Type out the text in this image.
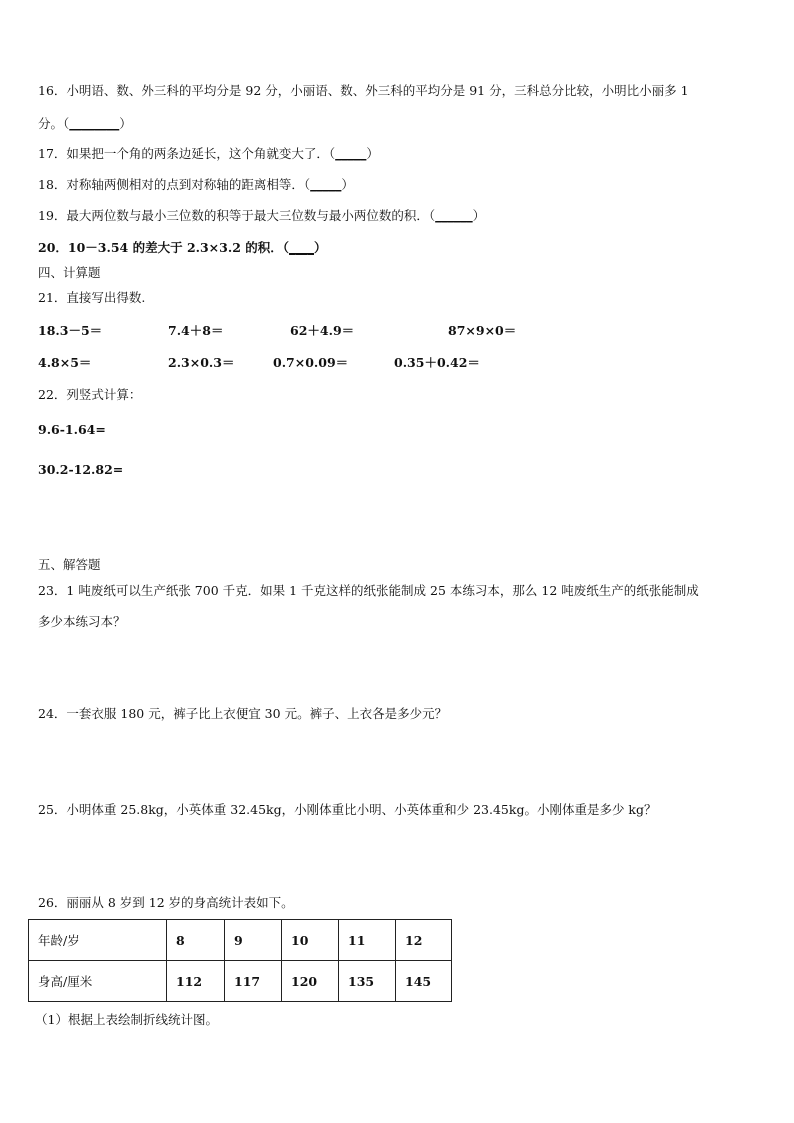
16．小明语、数、外三科的平均分是 92 分，小丽语、数、外三科的平均分是 91 分，三科总分比较，小明比小丽多 1
分。（________）
17．如果把一个角的两条边延长，这个角就变大了．（_____）
18．对称轴两侧相对的点到对称轴的距离相等．（_____）
19．最大两位数与最小三位数的积等于最大三位数与最小两位数的积．（______）
20．10－3.54 的差大于 2.3×3.2 的积．（____）
四、计算题
21．直接写出得数.
18.3－5＝	7.4＋8＝	62＋4.9＝	87×9×0＝
4.8×5＝	2.3×0.3＝	0.7×0.09＝	0.35＋0.42＝
22．列竖式计算：
9.6-1.64=
30.2-12.82=
五、解答题
23．1 吨废纸可以生产纸张 700 千克．如果 1 千克这样的纸张能制成 25 本练习本，那么 12 吨废纸生产的纸张能制成
多少本练习本？
24．一套衣服 180 元，裤子比上衣便宜 30 元。裤子、上衣各是多少元？
25．小明体重 25.8kg，小英体重 32.45kg，小刚体重比小明、小英体重和少 23.45kg。小刚体重是多少 kg？
26．丽丽从 8 岁到 12 岁的身高统计表如下。
年龄/岁	8	9	10	11	12
身高/厘米	112	117	120	135	145
（1）根据上表绘制折线统计图。
